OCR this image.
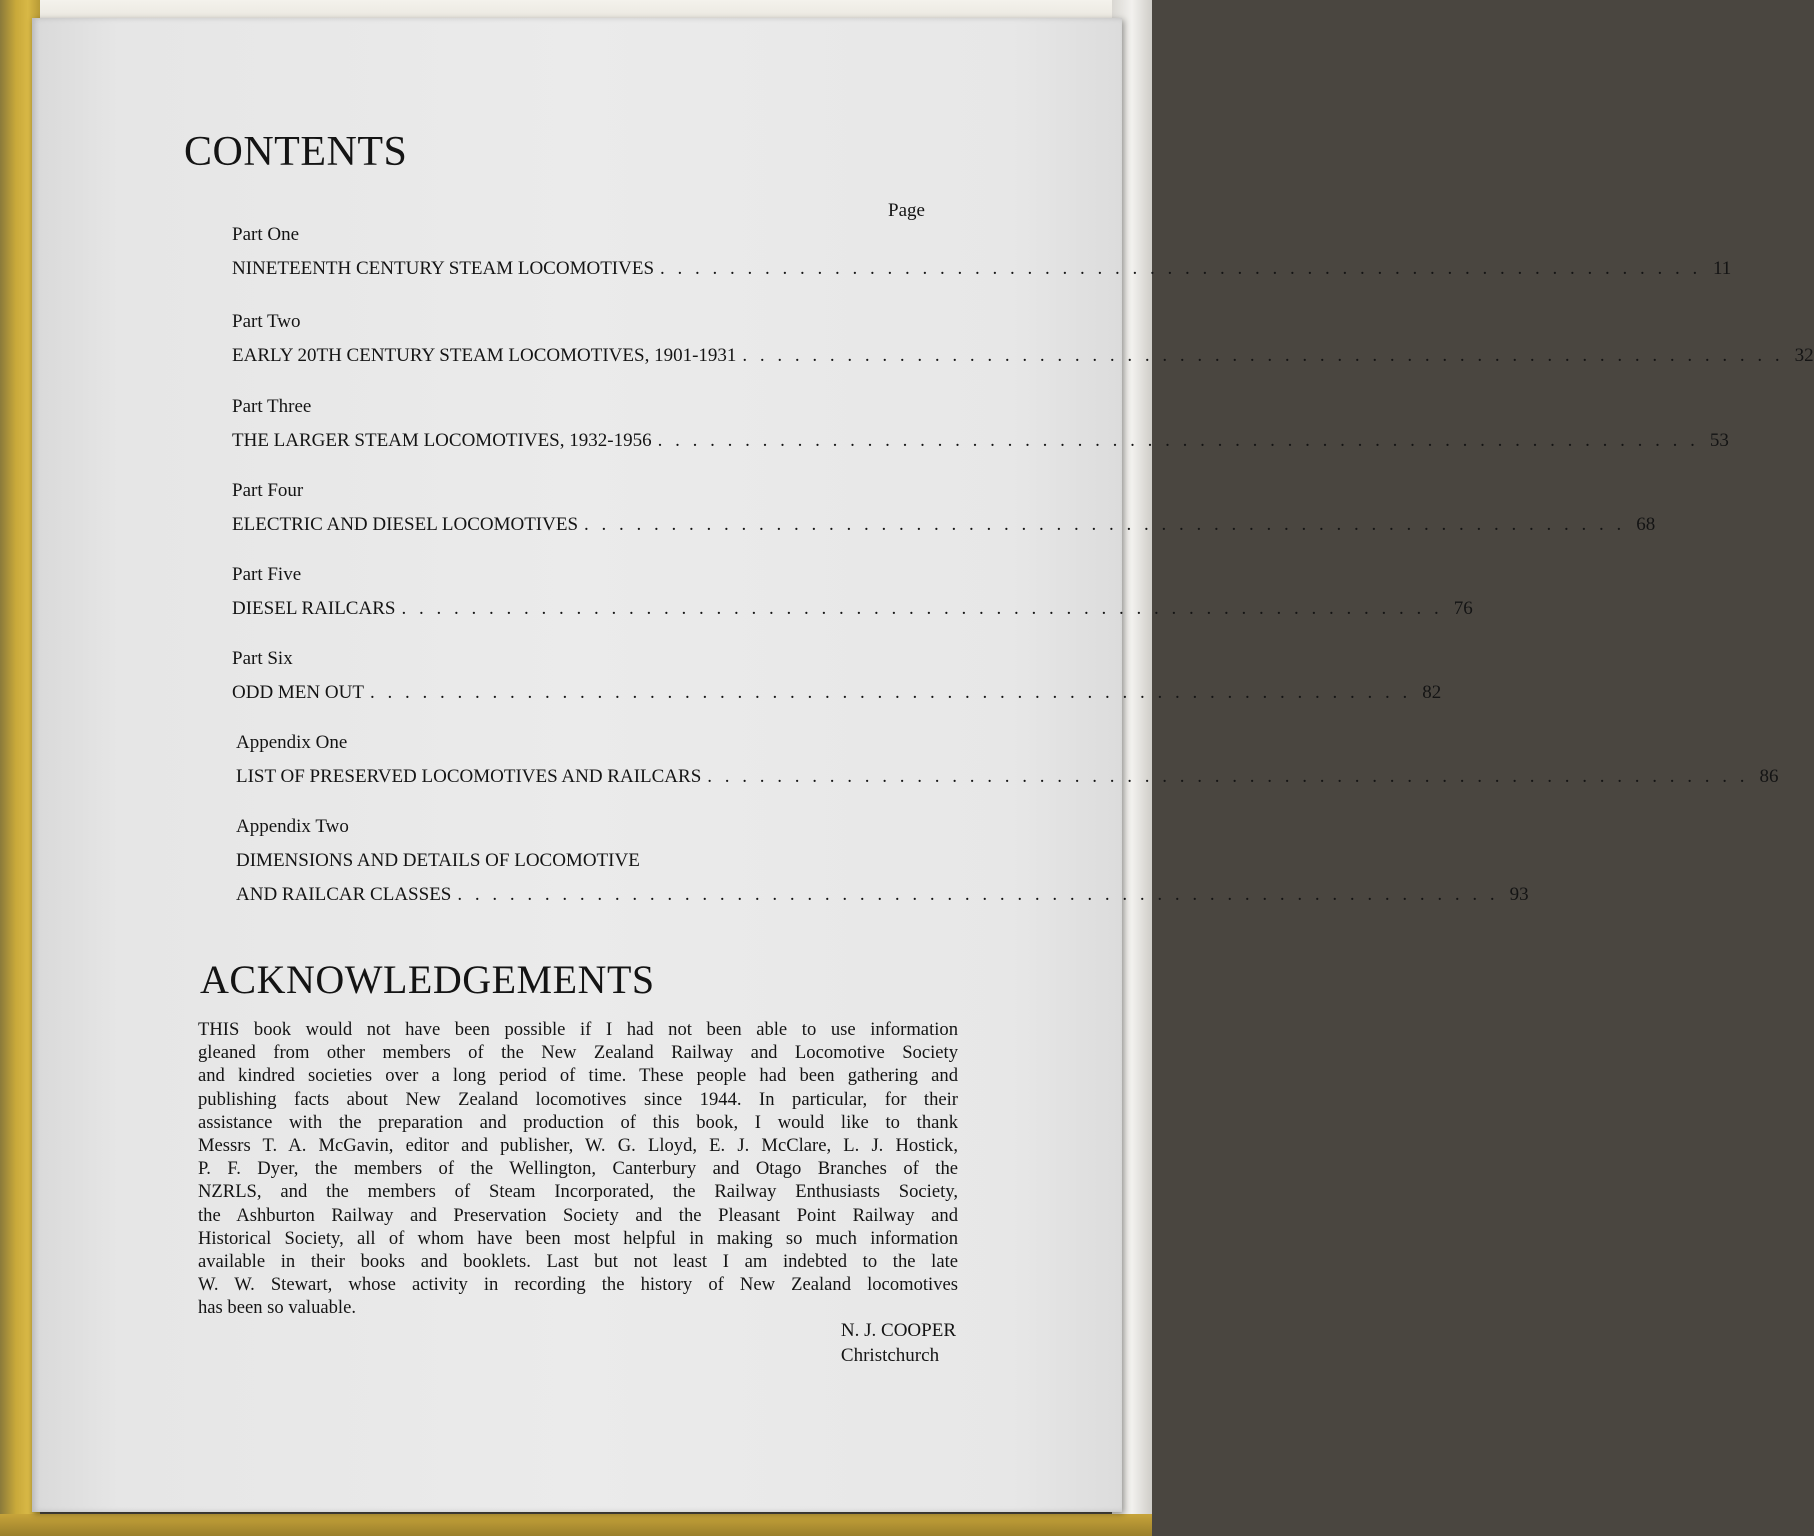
CONTENTS
Page
Part One
NINETEENTH CENTURY STEAM LOCOMOTIVES . . . . . . . . . . . . . . . . . . . . . . . . . . . . . . . . . . . . . . . . . . . . . . . . . . . . . . . . . . . . 11
Part Two
EARLY 20TH CENTURY STEAM LOCOMOTIVES, 1901-1931 . . . . . . . . . . . . . . . . . . . . . . . . . . . . . . . . . . . . . . . . . . . . . . . . . . . . . . . . . . . . 32
Part Three
THE LARGER STEAM LOCOMOTIVES, 1932-1956 . . . . . . . . . . . . . . . . . . . . . . . . . . . . . . . . . . . . . . . . . . . . . . . . . . . . . . . . . . . . 53
Part Four
ELECTRIC AND DIESEL LOCOMOTIVES . . . . . . . . . . . . . . . . . . . . . . . . . . . . . . . . . . . . . . . . . . . . . . . . . . . . . . . . . . . . 68
Part Five
DIESEL RAILCARS . . . . . . . . . . . . . . . . . . . . . . . . . . . . . . . . . . . . . . . . . . . . . . . . . . . . . . . . . . . . 76
Part Six
ODD MEN OUT . . . . . . . . . . . . . . . . . . . . . . . . . . . . . . . . . . . . . . . . . . . . . . . . . . . . . . . . . . . . 82
Appendix One
LIST OF PRESERVED LOCOMOTIVES AND RAILCARS . . . . . . . . . . . . . . . . . . . . . . . . . . . . . . . . . . . . . . . . . . . . . . . . . . . . . . . . . . . . 86
Appendix Two
DIMENSIONS AND DETAILS OF LOCOMOTIVE
AND RAILCAR CLASSES . . . . . . . . . . . . . . . . . . . . . . . . . . . . . . . . . . . . . . . . . . . . . . . . . . . . . . . . . . . . 93
ACKNOWLEDGEMENTS
THIS book would not have been possible if I had not been able to use information
gleaned from other members of the New Zealand Railway and Locomotive Society
and kindred societies over a long period of time. These people had been gathering and
publishing facts about New Zealand locomotives since 1944. In particular, for their
assistance with the preparation and production of this book, I would like to thank
Messrs T. A. McGavin, editor and publisher, W. G. Lloyd, E. J. McClare, L. J. Hostick,
P. F. Dyer, the members of the Wellington, Canterbury and Otago Branches of the
NZRLS, and the members of Steam Incorporated, the Railway Enthusiasts Society,
the Ashburton Railway and Preservation Society and the Pleasant Point Railway and
Historical Society, all of whom have been most helpful in making so much information
available in their books and booklets. Last but not least I am indebted to the late
W. W. Stewart, whose activity in recording the history of New Zealand locomotives
has been so valuable.
N. J. COOPER
Christchurch
